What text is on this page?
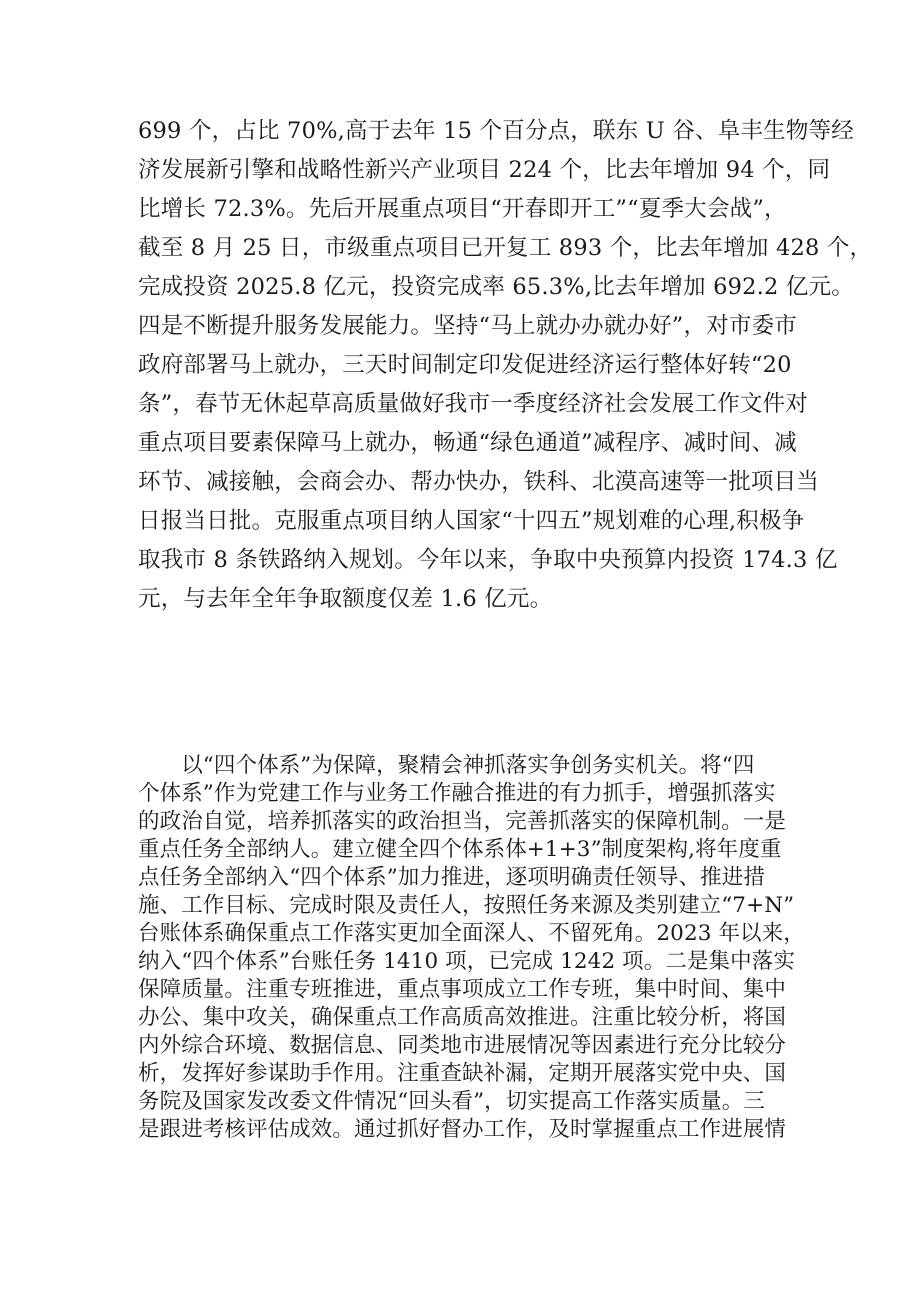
699 个，占比 70%,高于去年 15 个百分点，联东 U 谷、阜丰生物等经
济发展新引擎和战略性新兴产业项目 224 个，比去年增加 94 个，同
比增长 72.3%。先后开展重点项目“开春即开工”“夏季大会战”，
截至 8 月 25 日，市级重点项目已开复工 893 个，比去年增加 428 个，
完成投资 2025.8 亿元，投资完成率 65.3%,比去年增加 692.2 亿元。
四是不断提升服务发展能力。坚持“马上就办办就办好”，对市委市
政府部署马上就办，三天时间制定印发促进经济运行整体好转“20
条”，春节无休起草高质量做好我市一季度经济社会发展工作文件对
重点项目要素保障马上就办，畅通“绿色通道”减程序、减时间、减
环节、减接触，会商会办、帮办快办，铁科、北漠高速等一批项目当
日报当日批。克服重点项目纳人国家“十四五”规划难的心理,积极争
取我市 8 条铁路纳入规划。今年以来，争取中央预算内投资 174.3 亿
元，与去年全年争取额度仅差 1.6 亿元。
　　以“四个体系”为保障，聚精会神抓落实争创务实机关。将“四
个体系”作为党建工作与业务工作融合推进的有力抓手，增强抓落实
的政治自觉，培养抓落实的政治担当，完善抓落实的保障机制。一是
重点任务全部纳人。建立健全四个体系体+1+3”制度架构,将年度重
点任务全部纳入“四个体系”加力推进，逐项明确责任领导、推进措
施、工作目标、完成时限及责任人，按照任务来源及类别建立“7+N”
台账体系确保重点工作落实更加全面深人、不留死角。2023 年以来，
纳入“四个体系”台账任务 1410 项，已完成 1242 项。二是集中落实
保障质量。注重专班推进，重点事项成立工作专班，集中时间、集中
办公、集中攻关，确保重点工作高质高效推进。注重比较分析，将国
内外综合环境、数据信息、同类地市进展情况等因素进行充分比较分
析，发挥好参谋助手作用。注重查缺补漏，定期开展落实党中央、国
务院及国家发改委文件情况“回头看”，切实提高工作落实质量。三
是跟进考核评估成效。通过抓好督办工作，及时掌握重点工作进展情
